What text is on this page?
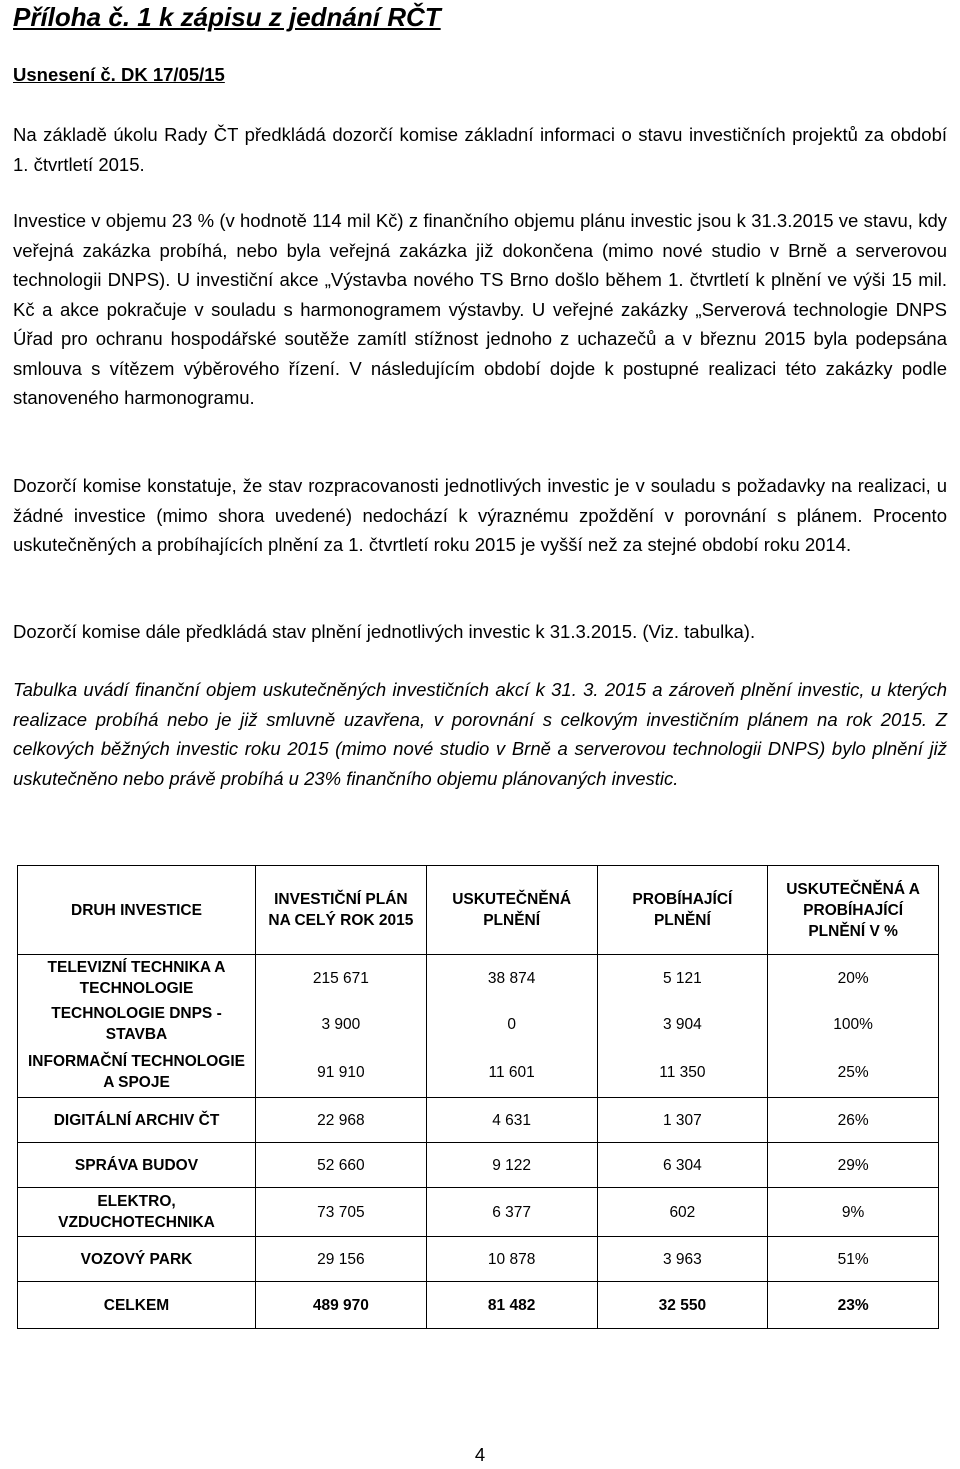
Příloha č. 1 k zápisu z jednání RČT

Usnesení č. DK 17/05/15

Na základě úkolu Rady ČT předkládá dozorčí komise základní informaci o stavu investičních projektů za období 1. čtvrtletí 2015.

Investice v objemu 23 % (v hodnotě 114 mil Kč) z finančního objemu plánu investic jsou k 31.3.2015 ve stavu, kdy veřejná zakázka probíhá, nebo byla veřejná zakázka již dokončena (mimo nové studio v Brně a serverovou technologii DNPS). U investiční akce „Výstavba nového TS Brno došlo během 1. čtvrtletí k plnění ve výši 15 mil. Kč a akce pokračuje v souladu s harmonogramem výstavby. U veřejné zakázky „Serverová technologie DNPS Úřad pro ochranu hospodářské soutěže zamítl stížnost jednoho z uchazečů a v březnu 2015 byla podepsána smlouva s vítězem výběrového řízení. V následujícím období dojde k postupné realizaci této zakázky podle stanoveného harmonogramu.

Dozorčí komise konstatuje, že stav rozpracovanosti jednotlivých investic je v souladu s požadavky na realizaci, u žádné investice (mimo shora uvedené) nedochází k výraznému zpoždění v porovnání s plánem. Procento uskutečněných a probíhajících plnění za 1. čtvrtletí roku 2015 je vyšší než za stejné období roku 2014.

Dozorčí komise dále předkládá stav plnění jednotlivých investic k 31.3.2015. (Viz. tabulka).

Tabulka uvádí finanční objem uskutečněných investičních akcí k 31. 3. 2015 a zároveň plnění investic, u kterých realizace probíhá nebo je již smluvně uzavřena, v porovnání s celkovým investičním plánem na rok 2015. Z celkových běžných investic roku 2015 (mimo nové studio v Brně a serverovou technologii DNPS) bylo plnění již uskutečněno nebo právě probíhá u 23% finančního objemu plánovaných investic.

DRUH INVESTICE	INVESTIČNÍ PLÁN NA CELÝ ROK 2015	USKUTEČNĚNÁ PLNĚNÍ	PROBÍHAJÍCÍ PLNĚNÍ	USKUTEČNĚNÁ A PROBÍHAJÍCÍ PLNĚNÍ V %
TELEVIZNÍ TECHNIKA A TECHNOLOGIE	215 671	38 874	5 121	20%
TECHNOLOGIE DNPS - STAVBA	3 900	0	3 904	100%
INFORMAČNÍ TECHNOLOGIE A SPOJE	91 910	11 601	11 350	25%
DIGITÁLNÍ ARCHIV ČT	22 968	4 631	1 307	26%
SPRÁVA BUDOV	52 660	9 122	6 304	29%
ELEKTRO, VZDUCHOTECHNIKA	73 705	6 377	602	9%
VOZOVÝ PARK	29 156	10 878	3 963	51%
CELKEM	489 970	81 482	32 550	23%
4
